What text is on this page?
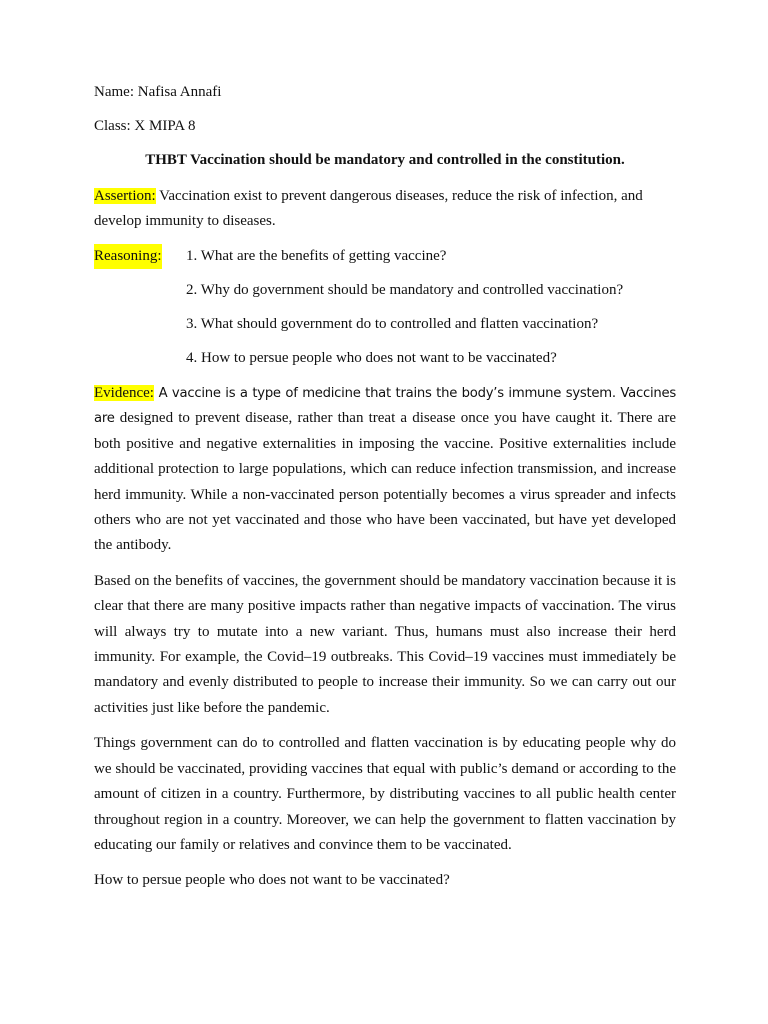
Name: Nafisa Annafi

Class: X MIPA 8

THBT Vaccination should be mandatory and controlled in the constitution.

Assertion: Vaccination exist to prevent dangerous diseases, reduce the risk of infection, and develop immunity to diseases.

Reasoning: 1. What are the benefits of getting vaccine?
2. Why do government should be mandatory and controlled vaccination?
3. What should government do to controlled and flatten vaccination?
4. How to persue people who does not want to be vaccinated?

Evidence: A vaccine is a type of medicine that trains the body’s immune system. Vaccines are designed to prevent disease, rather than treat a disease once you have caught it. There are both positive and negative externalities in imposing the vaccine. Positive externalities include additional protection to large populations, which can reduce infection transmission, and increase herd immunity. While a non-vaccinated person potentially becomes a virus spreader and infects others who are not yet vaccinated and those who have been vaccinated, but have yet developed the antibody.

Based on the benefits of vaccines, the government should be mandatory vaccination because it is clear that there are many positive impacts rather than negative impacts of vaccination. The virus will always try to mutate into a new variant. Thus, humans must also increase their herd immunity. For example, the Covid–19 outbreaks. This Covid–19 vaccines must immediately be mandatory and evenly distributed to people to increase their immunity. So we can carry out our activities just like before the pandemic.

Things government can do to controlled and flatten vaccination is by educating people why do we should be vaccinated, providing vaccines that equal with public’s demand or according to the amount of citizen in a country. Furthermore, by distributing vaccines to all public health center throughout region in a country. Moreover, we can help the government to flatten vaccination by educating our family or relatives and convince them to be vaccinated.

How to persue people who does not want to be vaccinated?
